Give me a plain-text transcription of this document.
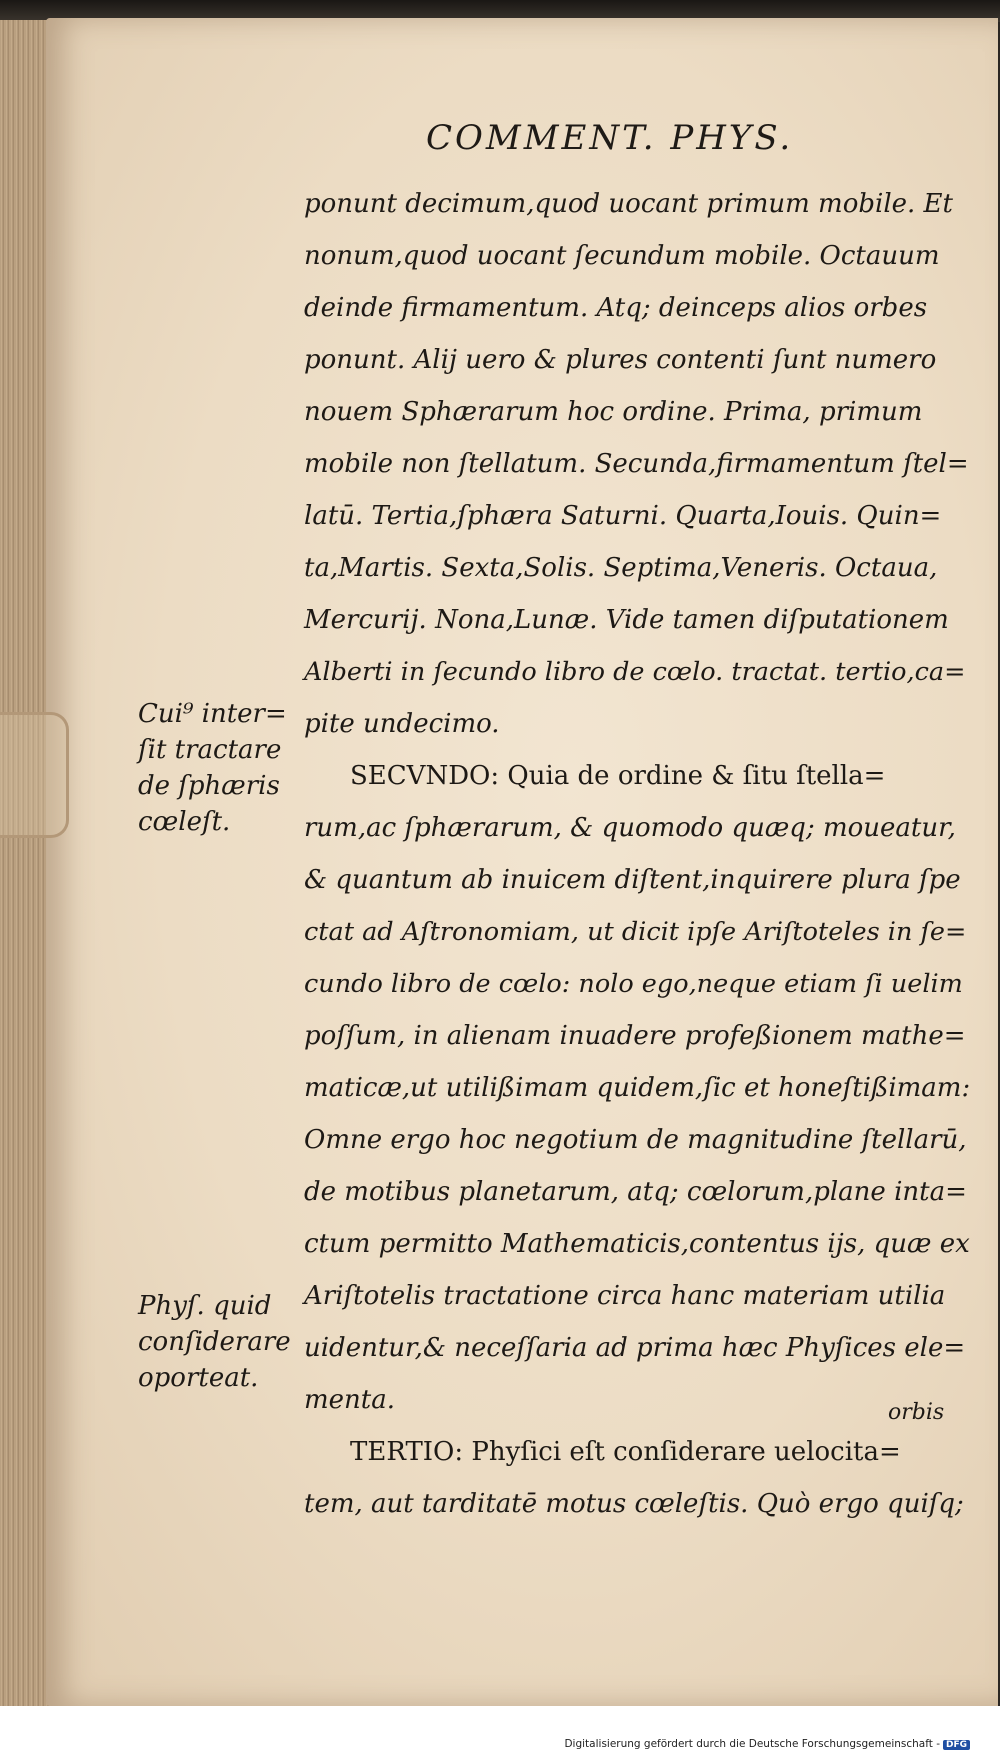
COMMENT. PHYS.
ponunt decimum,quod uocant primum mobile. Et
nonum,quod uocant ſecundum mobile. Octauum
deinde firmamentum. Atq; deinceps alios orbes
ponunt. Alij uero & plures contenti ſunt numero
nouem Sphærarum hoc ordine. Prima, primum
mobile non ſtellatum. Secunda,firmamentum ſtel=
latū. Tertia,ſphæra Saturni. Quarta,Iouis. Quin=
ta,Martis. Sexta,Solis. Septima,Veneris. Octaua,
Mercurij. Nona,Lunæ. Vide tamen diſputationem
Alberti in ſecundo libro de cœlo. tractat. tertio,ca=
pite undecimo.
SECVNDO: Quia de ordine & ſitu ſtella=
rum,ac ſphærarum, & quomodo quæq; moueatur,
& quantum ab inuicem diſtent,inquirere plura ſpe
ctat ad Aſtronomiam, ut dicit ipſe Ariſtoteles in ſe=
cundo libro de cœlo: nolo ego,neque etiam ſi uelim
poſſum, in alienam inuadere profeßionem mathe=
maticæ,ut utilißimam quidem,ſic et honeſtißimam:
Omne ergo hoc negotium de magnitudine ſtellarū,
de motibus planetarum, atq; cœlorum,plane inta=
ctum permitto Mathematicis,contentus ijs, quæ ex
Ariſtotelis tractatione circa hanc materiam utilia
uidentur,& neceſſaria ad prima hæc Phyſices ele=
menta.
TERTIO: Phyſici eſt conſiderare uelocita=
tem, aut tarditatē motus cœleſtis. Quò ergo quiſq;
orbis
Cui⁹ inter=
ſit tractare
de ſphæris
cœleſt.
Phyſ. quid
conſiderare
oporteat.
Digitalisierung gefördert durch die Deutsche Forschungsgemeinschaft - DFG
